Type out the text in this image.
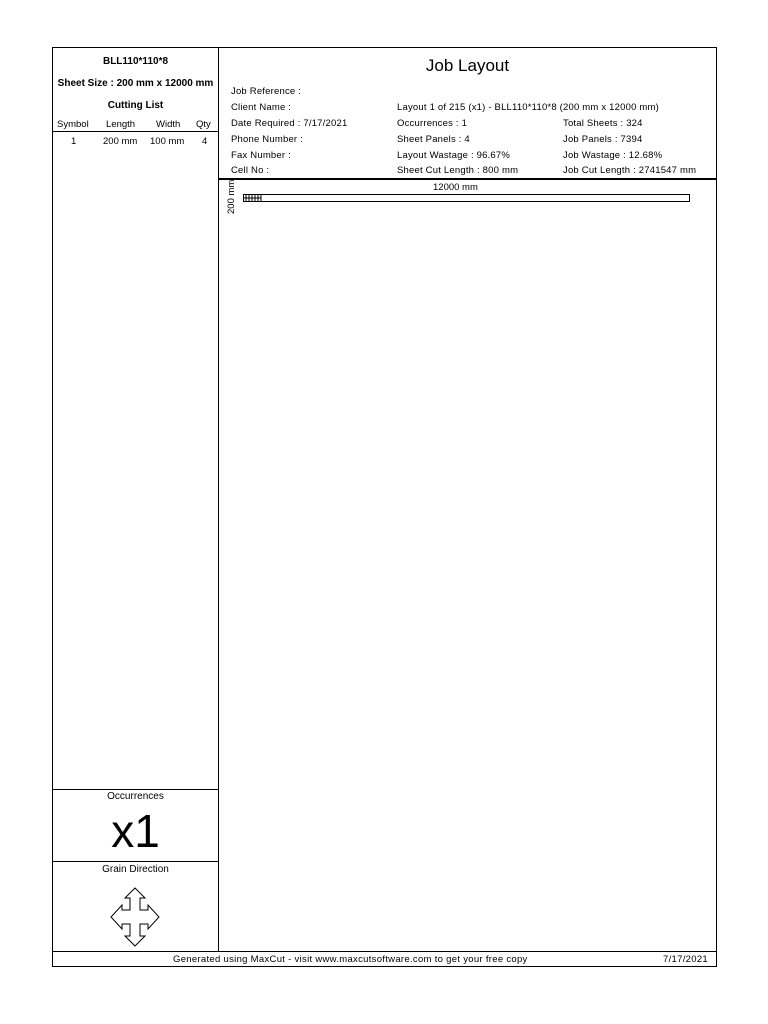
BLL110*110*8
Sheet Size : 200 mm x 12000 mm
Cutting List
Symbol Length Width Qty
1	200 mm 100 mm 4
Occurrences
x1
Grain Direction
Job Layout
Job Reference :
Client Name :
Date Required : 7/17/2021
Phone Number :
Fax Number :
Cell No :
Layout 1 of 215 (x1) - BLL110*110*8 (200 mm x 12000 mm)
Occurrences : 1
Sheet Panels : 4
Layout Wastage : 96.67%
Sheet Cut Length : 800 mm
Total Sheets : 324
Job Panels : 7394
Job Wastage : 12.68%
Job Cut Length : 2741547 mm
12000 mm
200 mm
Generated using MaxCut - visit www.maxcutsoftware.com to get your free copy	7/17/2021
